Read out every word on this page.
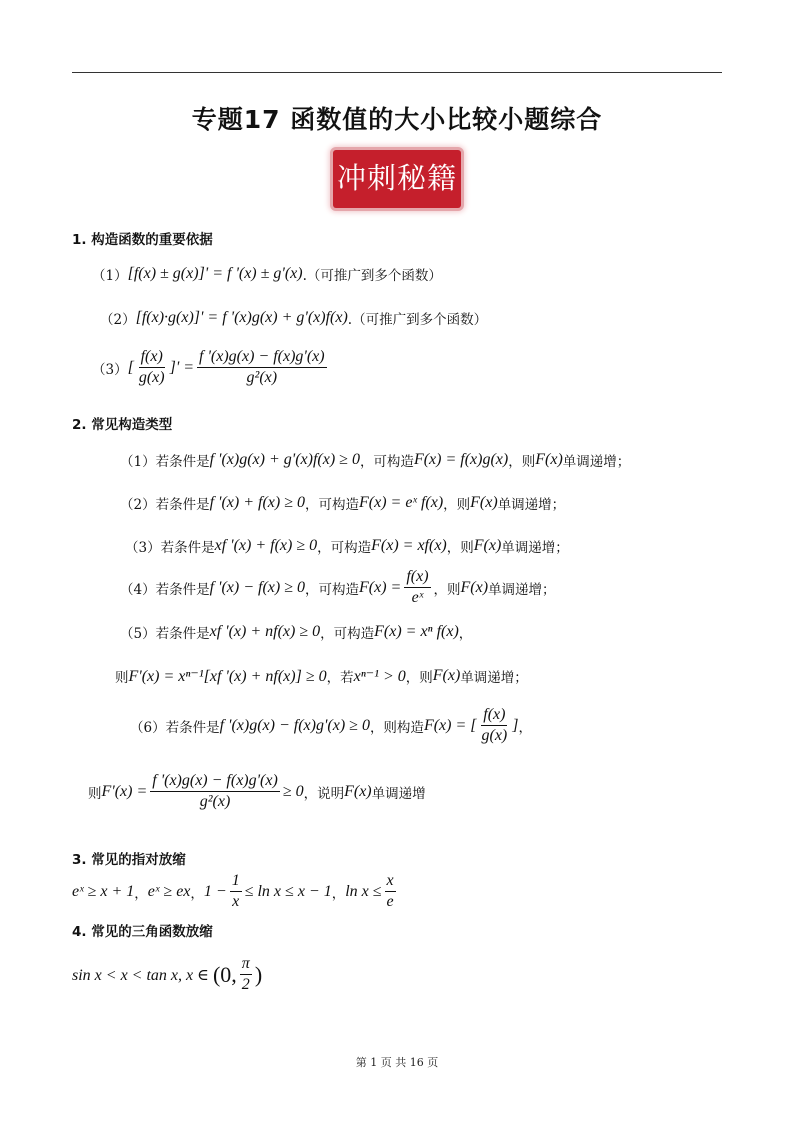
专题17 函数值的大小比较小题综合
冲刺秘籍
1. 构造函数的重要依据
（1） [f(x) ± g(x)]' = f '(x) ± g'(x) .（可推广到多个函数）
（2） [f(x)·g(x)]' = f '(x)g(x) + g'(x)f(x) .（可推广到多个函数）
（3） [
f(x)
g(x)
]' = $\frac{f '(x)g(x) - f(x)g'(x)}{\text{g²(x)}}$
2. 常见构造类型
（1）若条件是 f '(x)g(x) + g'(x)f(x) ≥ 0 ，可构造 F(x) = f(x)g(x) ，则 F(x) 单调递增；
（2）若条件是 f '(x) + f(x) ≥ 0 ，可构造 F(x) = eˣ f(x) ，则 F(x) 单调递增；
（3）若条件是 xf '(x) + f(x) ≥ 0 ，可构造 F(x) = xf(x) ，则 F(x) 单调递增；
（4）若条件是 f '(x) − f(x) ≥ 0 ，可构造 $F(x) = \frac{f(x)}{\text{eˣ}}$ ，则 F(x) 单调递增；
（5）若条件是 xf '(x) + nf(x) ≥ 0 ，可构造 F(x) = xⁿ f(x) ，
则 F'(x) = xⁿ⁻¹[xf '(x) + nf(x)] ≥ 0 ，若 xⁿ⁻¹ > 0 ，则 F(x) 单调递增；
（6）若条件是 f '(x)g(x) − f(x)g'(x) ≥ 0 ，则构造 F(x) = [
f(x)
g(x)
] ，
则 $F'(x) = \frac{f '(x)g(x) - f(x)g'(x)}{\text{g²(x)}} \ge 0$ ，说明 F(x) 单调递增
3. 常见的指对放缩
eˣ ≥ x + 1 ， eˣ ≥ ex ， $1 - \frac{1}{x} \le \ln x \le x - 1$ ， $\ln x \le \frac{x}{e}$
4. 常见的三角函数放缩
sin x < x < tan x, x ∈ (0, π
2 )
第 1 页 共 16 页
